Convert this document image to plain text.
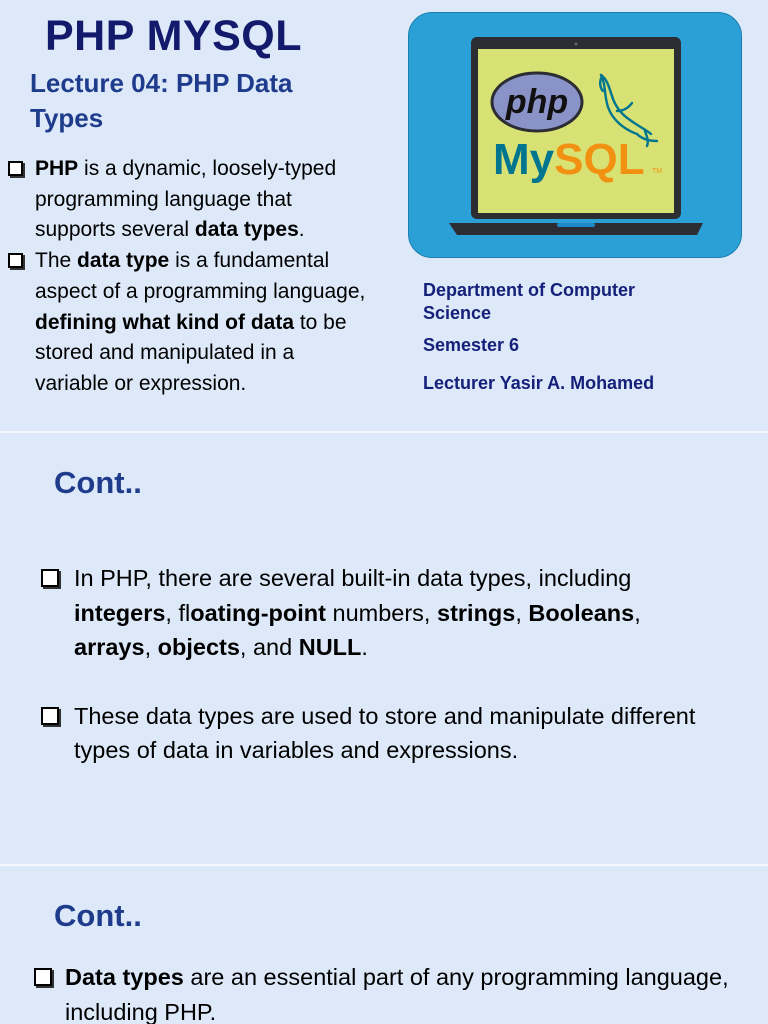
PHP MYSQL
Lecture 04: PHP Data Types
PHP is a dynamic, loosely-typed programming language that supports several data types.
The data type is a fundamental aspect of a programming language, defining what kind of data to be stored and manipulated in a variable or expression.
php
MySQL TM

Department of Computer Science

Semester 6

Lecturer Yasir A. Mohamed

Cont..
In PHP, there are several built-in data types, including integers, floating-point numbers, strings, Booleans, arrays, objects, and NULL.
These data types are used to store and manipulate different types of data in variables and expressions.
Cont..
Data types are an essential part of any programming language, including PHP.
